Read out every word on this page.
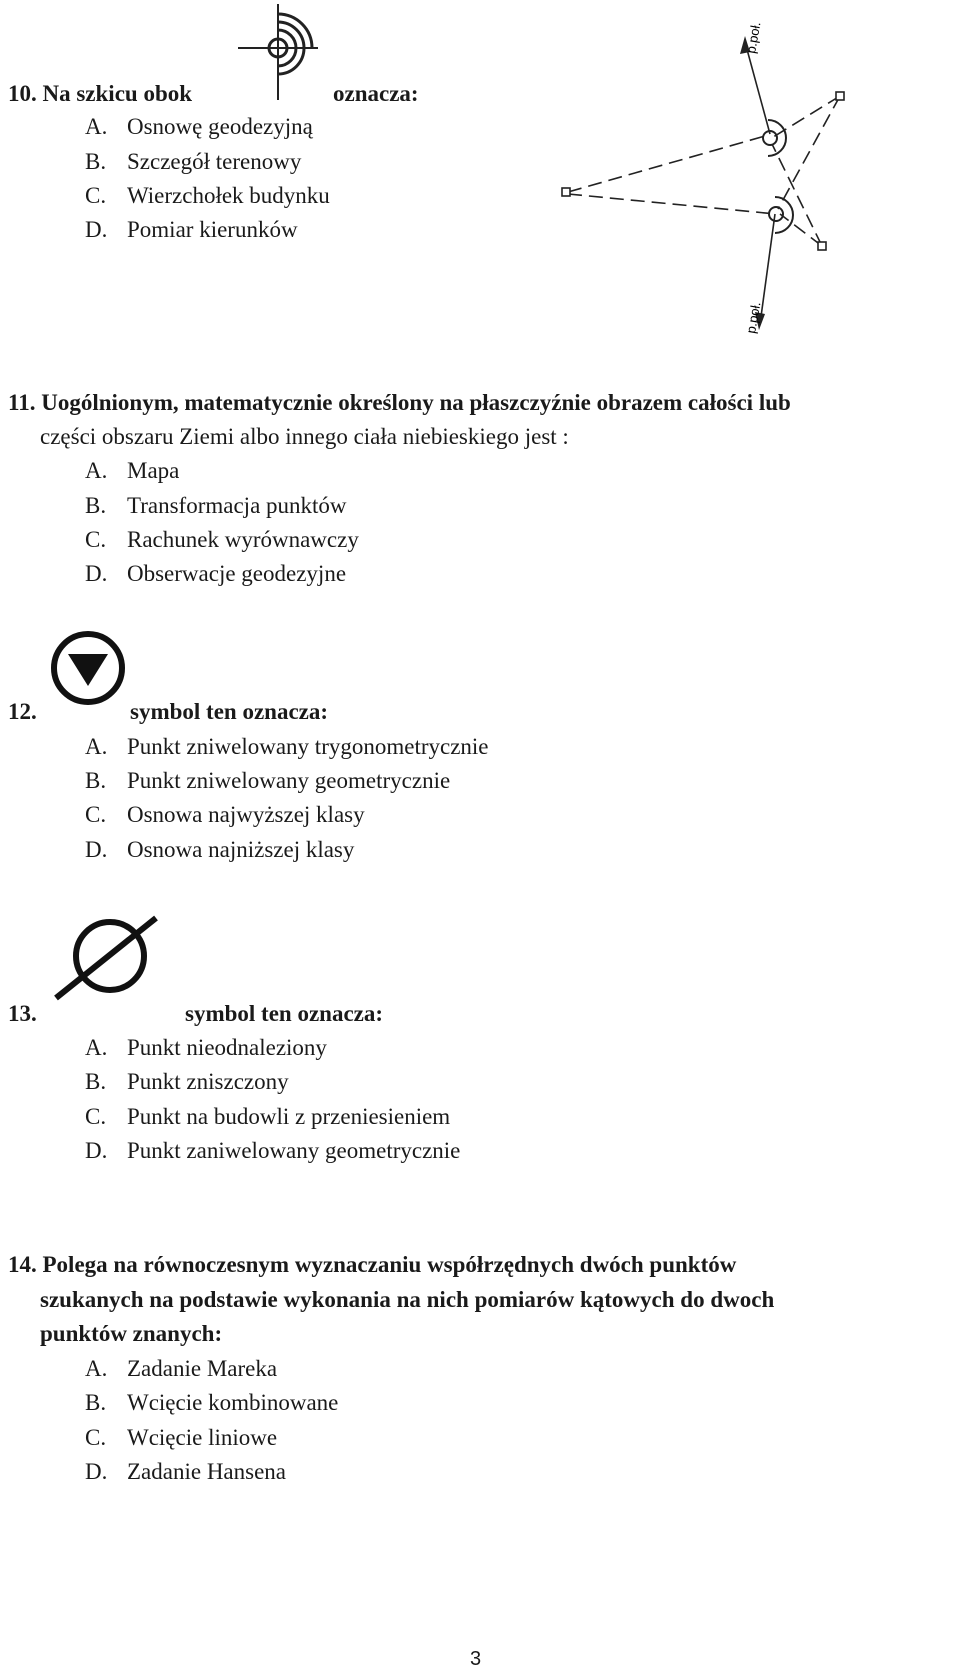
10. Na szkicu obok	oznacza:
A. Osnowę geodezyjną
B. Szczegół terenowy
C. Wierzchołek budynku
D. Pomiar kierunków
p.poł.
p.poł.
11. Uogólnionym, matematycznie określony na płaszczyźnie obrazem całości lub
części obszaru Ziemi albo innego ciała niebieskiego jest :
A. Mapa
B. Transformacja punktów
C. Rachunek wyrównawczy
D. Obserwacje geodezyjne
12.	symbol ten oznacza:
A. Punkt zniwelowany trygonometrycznie
B. Punkt zniwelowany geometrycznie
C. Osnowa najwyższej klasy
D. Osnowa najniższej klasy
13.	symbol ten oznacza:
A. Punkt nieodnaleziony
B. Punkt zniszczony
C. Punkt na budowli z przeniesieniem
D. Punkt zaniwelowany geometrycznie
14. Polega na równoczesnym wyznaczaniu współrzędnych dwóch punktów
szukanych na podstawie wykonania na nich pomiarów kątowych do dwoch
punktów znanych:
A. Zadanie Mareka
B. Wcięcie kombinowane
C. Wcięcie liniowe
D. Zadanie Hansena
3
